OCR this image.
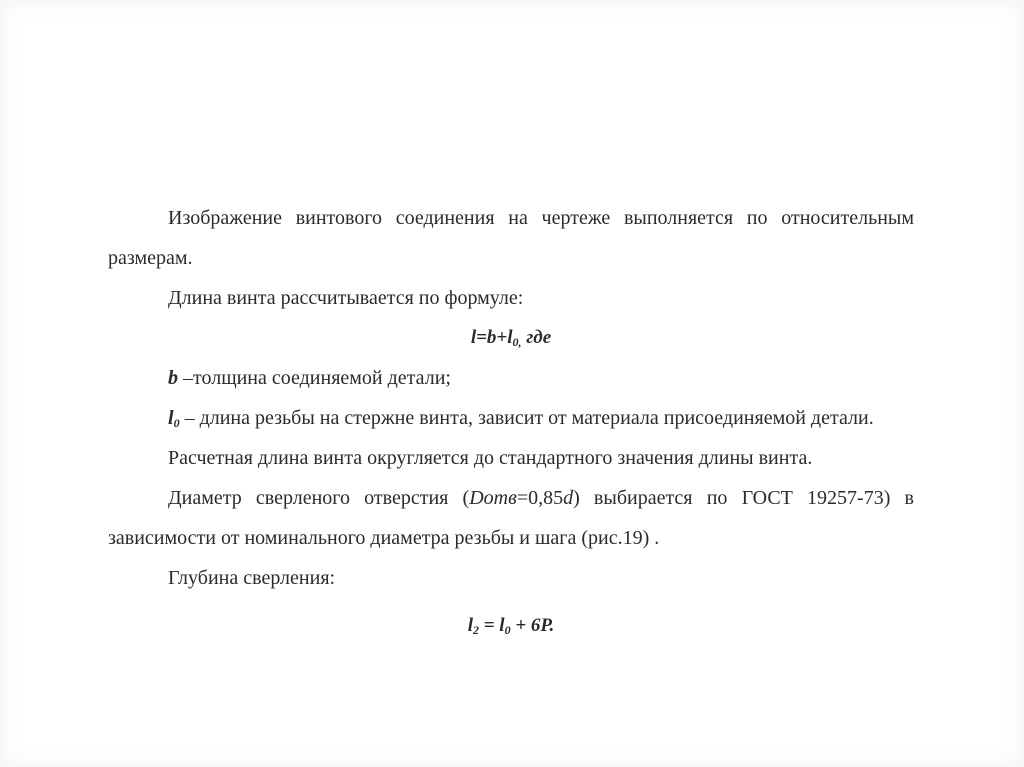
Изображение винтового соединения на чертеже выполняется по относительным размерам.

Длина винта рассчитывается по формуле:

$l=b+l_{0,}$ где

b –толщина соединяемой детали;

$l_0$ – длина резьбы на стержне винта, зависит от материала присоединяемой детали.

Расчетная длина винта округляется до стандартного значения длины винта.

Диаметр сверленого отверстия (Dотв=0,85d) выбирается по ГОСТ 19257-73) в зависимости от номинального диаметра резьбы и шага (рис.19) .

Глубина сверления:

$l_2 = l_0 + 6P$.
